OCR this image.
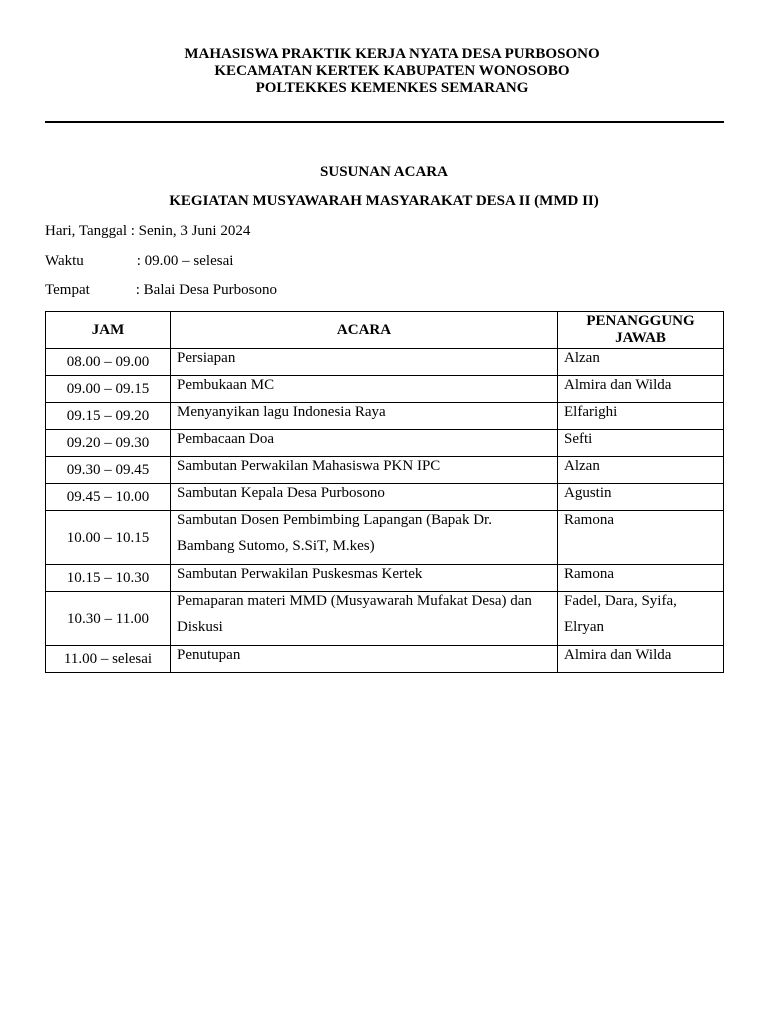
MAHASISWA PRAKTIK KERJA NYATA DESA PURBOSONO
KECAMATAN KERTEK KABUPATEN WONOSOBO
POLTEKKES KEMENKES SEMARANG
SUSUNAN ACARA
KEGIATAN MUSYAWARAH MASYARAKAT DESA II (MMD II)
Hari, Tanggal : Senin, 3 Juni 2024
Waktu	: 09.00 – selesai
Tempat	: Balai Desa Purbosono
JAM	ACARA	PENANGGUNG
JAWAB

08.00 – 09.00	Persiapan	Alzan

09.00 – 09.15	Pembukaan MC	Almira dan Wilda

09.15 – 09.20	Menyanyikan lagu Indonesia Raya	Elfarighi

09.20 – 09.30	Pembacaan Doa	Sefti

09.30 – 09.45	Sambutan Perwakilan Mahasiswa PKN IPC	Alzan

09.45 – 10.00	Sambutan Kepala Desa Purbosono	Agustin

10.00 – 10.15	Sambutan Dosen Pembimbing Lapangan (Bapak Dr. Bambang Sutomo, S.SiT, M.kes)	Ramona

10.15 – 10.30	Sambutan Perwakilan Puskesmas Kertek	Ramona

10.30 – 11.00	Pemaparan materi MMD (Musyawarah Mufakat Desa) dan Diskusi	Fadel, Dara, Syifa, Elryan

11.00 – selesai	Penutupan	Almira dan Wilda
